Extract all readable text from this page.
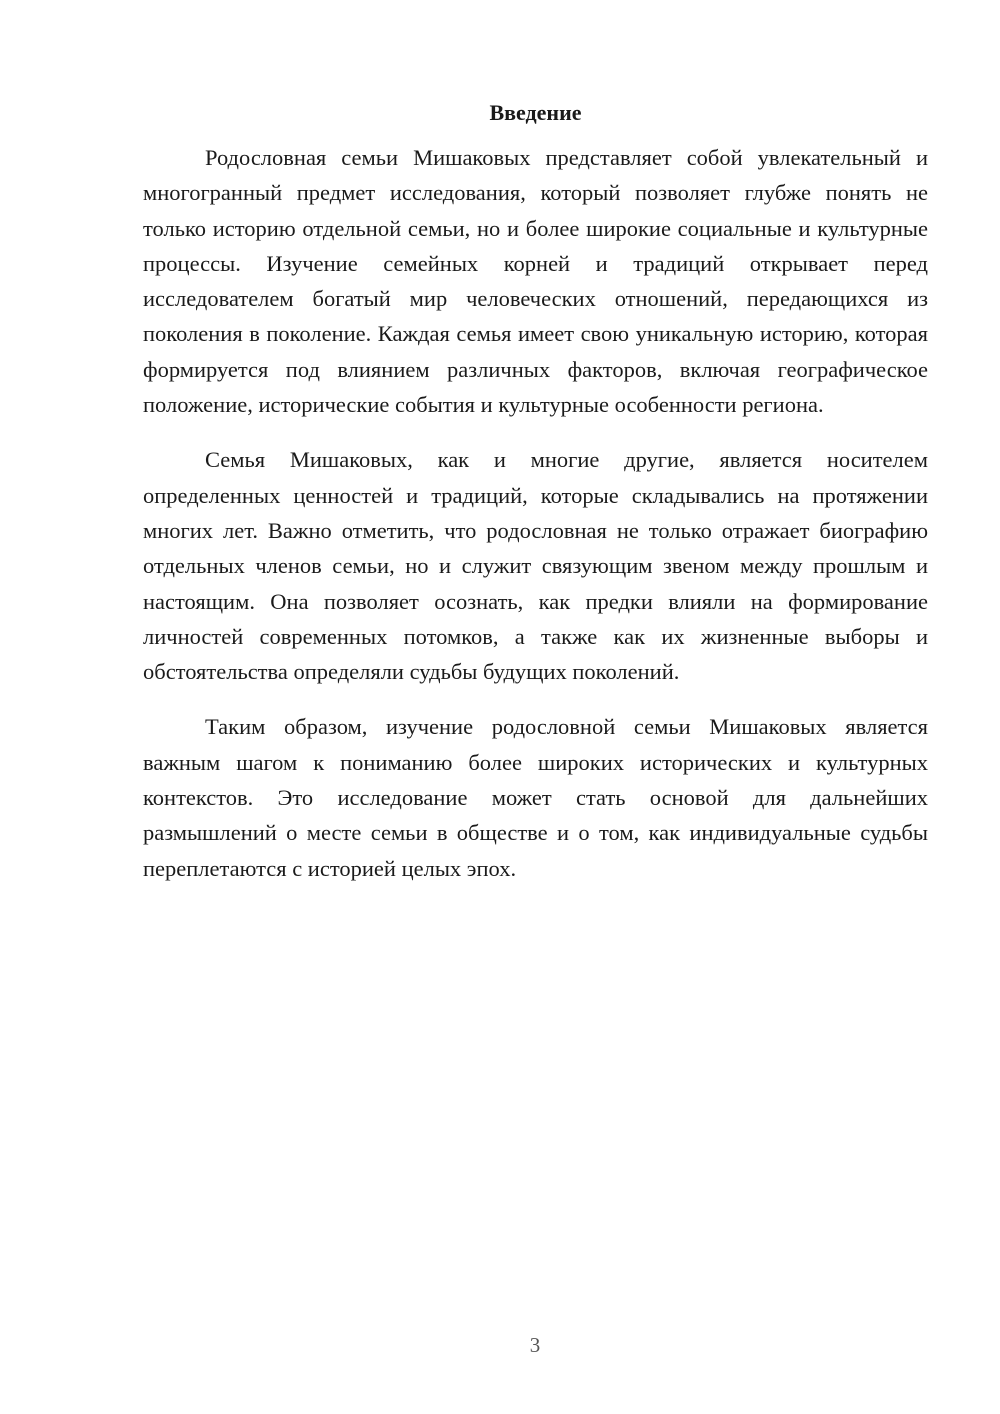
Введение

Родословная семьи Мишаковых представляет собой увлекательный и многогранный предмет исследования, который позволяет глубже понять не только историю отдельной семьи, но и более широкие социальные и культурные процессы. Изучение семейных корней и традиций открывает перед исследователем богатый мир человеческих отношений, передающихся из поколения в поколение. Каждая семья имеет свою уникальную историю, которая формируется под влиянием различных факторов, включая географическое положение, исторические события и культурные особенности региона.

Семья Мишаковых, как и многие другие, является носителем определенных ценностей и традиций, которые складывались на протяжении многих лет. Важно отметить, что родословная не только отражает биографию отдельных членов семьи, но и служит связующим звеном между прошлым и настоящим. Она позволяет осознать, как предки влияли на формирование личностей современных потомков, а также как их жизненные выборы и обстоятельства определяли судьбы будущих поколений.

Таким образом, изучение родословной семьи Мишаковых является важным шагом к пониманию более широких исторических и культурных контекстов. Это исследование может стать основой для дальнейших размышлений о месте семьи в обществе и о том, как индивидуальные судьбы переплетаются с историей целых эпох.

3
